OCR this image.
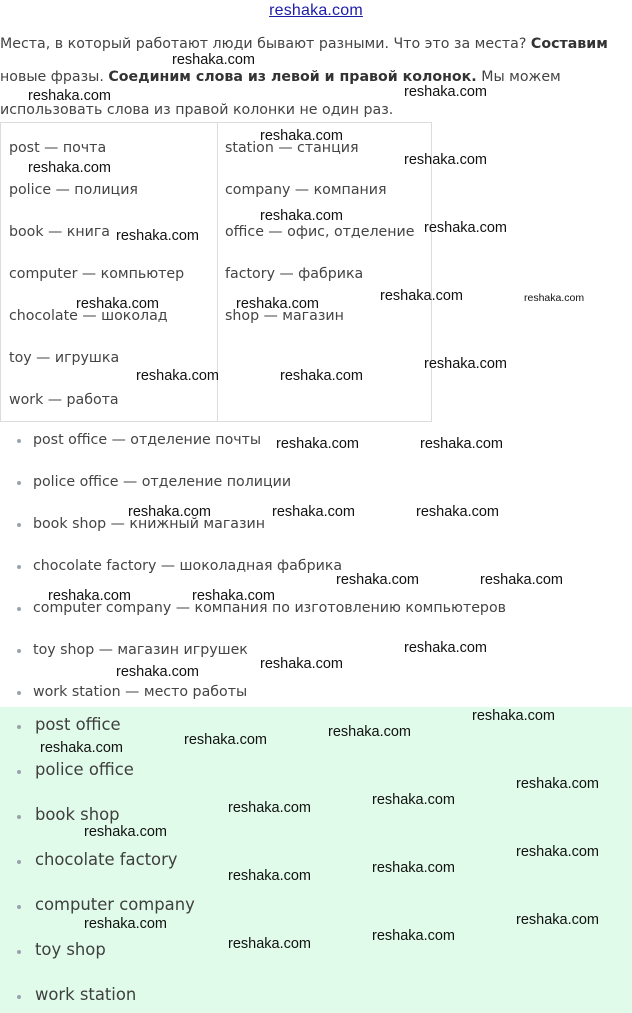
reshaka.com
Места, в который работают люди бывают разными. Что это за места? Составим
новые фразы. Соединим слова из левой и правой колонок. Мы можем использовать слова из правой колонки не один раз.
post — почта
police — полиция
book — книга
computer — компьютер
chocolate — шоколад
toy — игрушка
work — работа
station — станция
company — компания
office — офис, отделение
factory — фабрика
shop — магазин
post office — отделение почты
police office — отделение полиции
book shop — книжный магазин
chocolate factory — шоколадная фабрика
computer company — компания по изготовлению компьютеров
toy shop — магазин игрушек
work station — место работы
post office
police office
book shop
chocolate factory
computer company
toy shop
work station
reshaka.com
reshaka.com	reshaka.com
reshaka.com
reshaka.com
reshaka.com
reshaka.com
reshaka.com
reshaka.com
reshaka.com	reshaka.com
reshaka.com	reshaka.com
reshaka.com
reshaka.com	reshaka.com
reshaka.com	reshaka.com
reshaka.com	reshaka.com	reshaka.com
reshaka.com	reshaka.com
reshaka.com	reshaka.com
reshaka.com
reshaka.com
reshaka.com
reshaka.com
reshaka.com
reshaka.com
reshaka.com
reshaka.com
reshaka.com
reshaka.com
reshaka.com
reshaka.com
reshaka.com
reshaka.com
reshaka.com
reshaka.com
reshaka.com
reshaka.com
